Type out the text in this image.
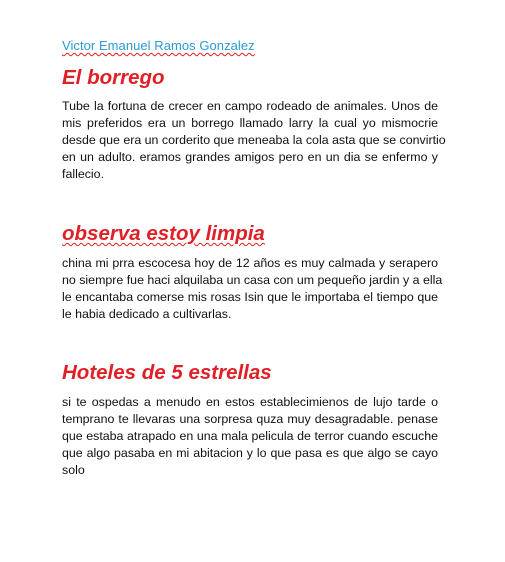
Victor Emanuel Ramos Gonzalez
El borrego
Tube la fortuna de crecer en campo rodeado de animales. Unos de
mis preferidos era un borrego llamado larry la cual yo mismocrie
desde que era un corderito que meneaba la cola asta que se convirtio
en un adulto. eramos grandes amigos pero en un dia se enfermo y
fallecio.
observa estoy limpia
china mi prra escocesa hoy de 12 años es muy calmada y serapero
no siempre fue haci alquilaba un casa con um pequeño jardin y a ella
le encantaba comerse mis rosas Isin que le importaba el tiempo que
le habia dedicado a cultivarlas.
Hoteles de 5 estrellas
si te ospedas a menudo en estos establecimienos de lujo tarde o
temprano te llevaras una sorpresa quza muy desagradable. penase
que estaba atrapado en una mala pelicula de terror cuando escuche
que algo pasaba en mi abitacion y lo que pasa es que algo se cayo
solo
